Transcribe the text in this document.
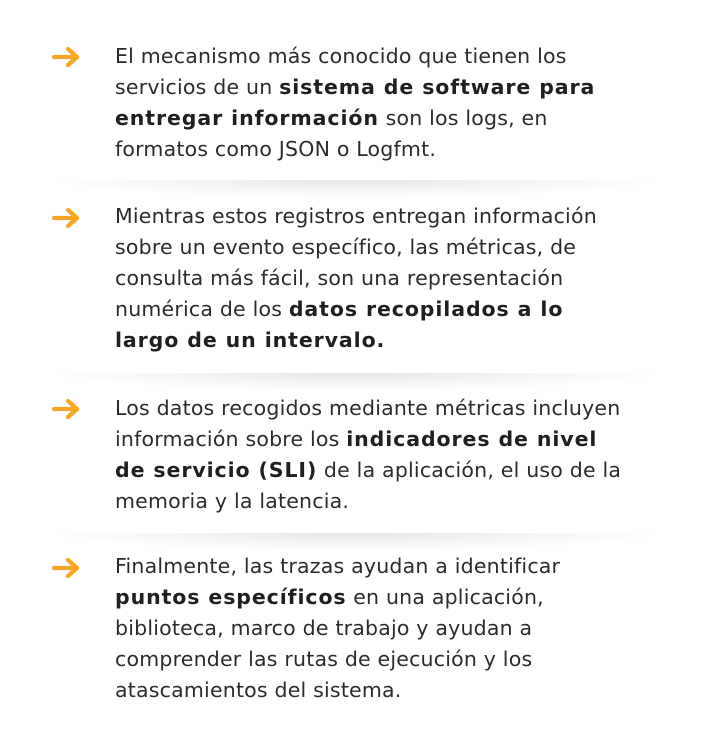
El mecanismo más conocido que tienen los
servicios de un sistema de software para
entregar información son los logs, en
formatos como JSON o Logfmt.
Mientras estos registros entregan información
sobre un evento específico, las métricas, de
consulta más fácil, son una representación
numérica de los datos recopilados a lo
largo de un intervalo.
Los datos recogidos mediante métricas incluyen
información sobre los indicadores de nivel
de servicio (SLI) de la aplicación, el uso de la
memoria y la latencia.
Finalmente, las trazas ayudan a identificar
puntos específicos en una aplicación,
biblioteca, marco de trabajo y ayudan a
comprender las rutas de ejecución y los
atascamientos del sistema.
